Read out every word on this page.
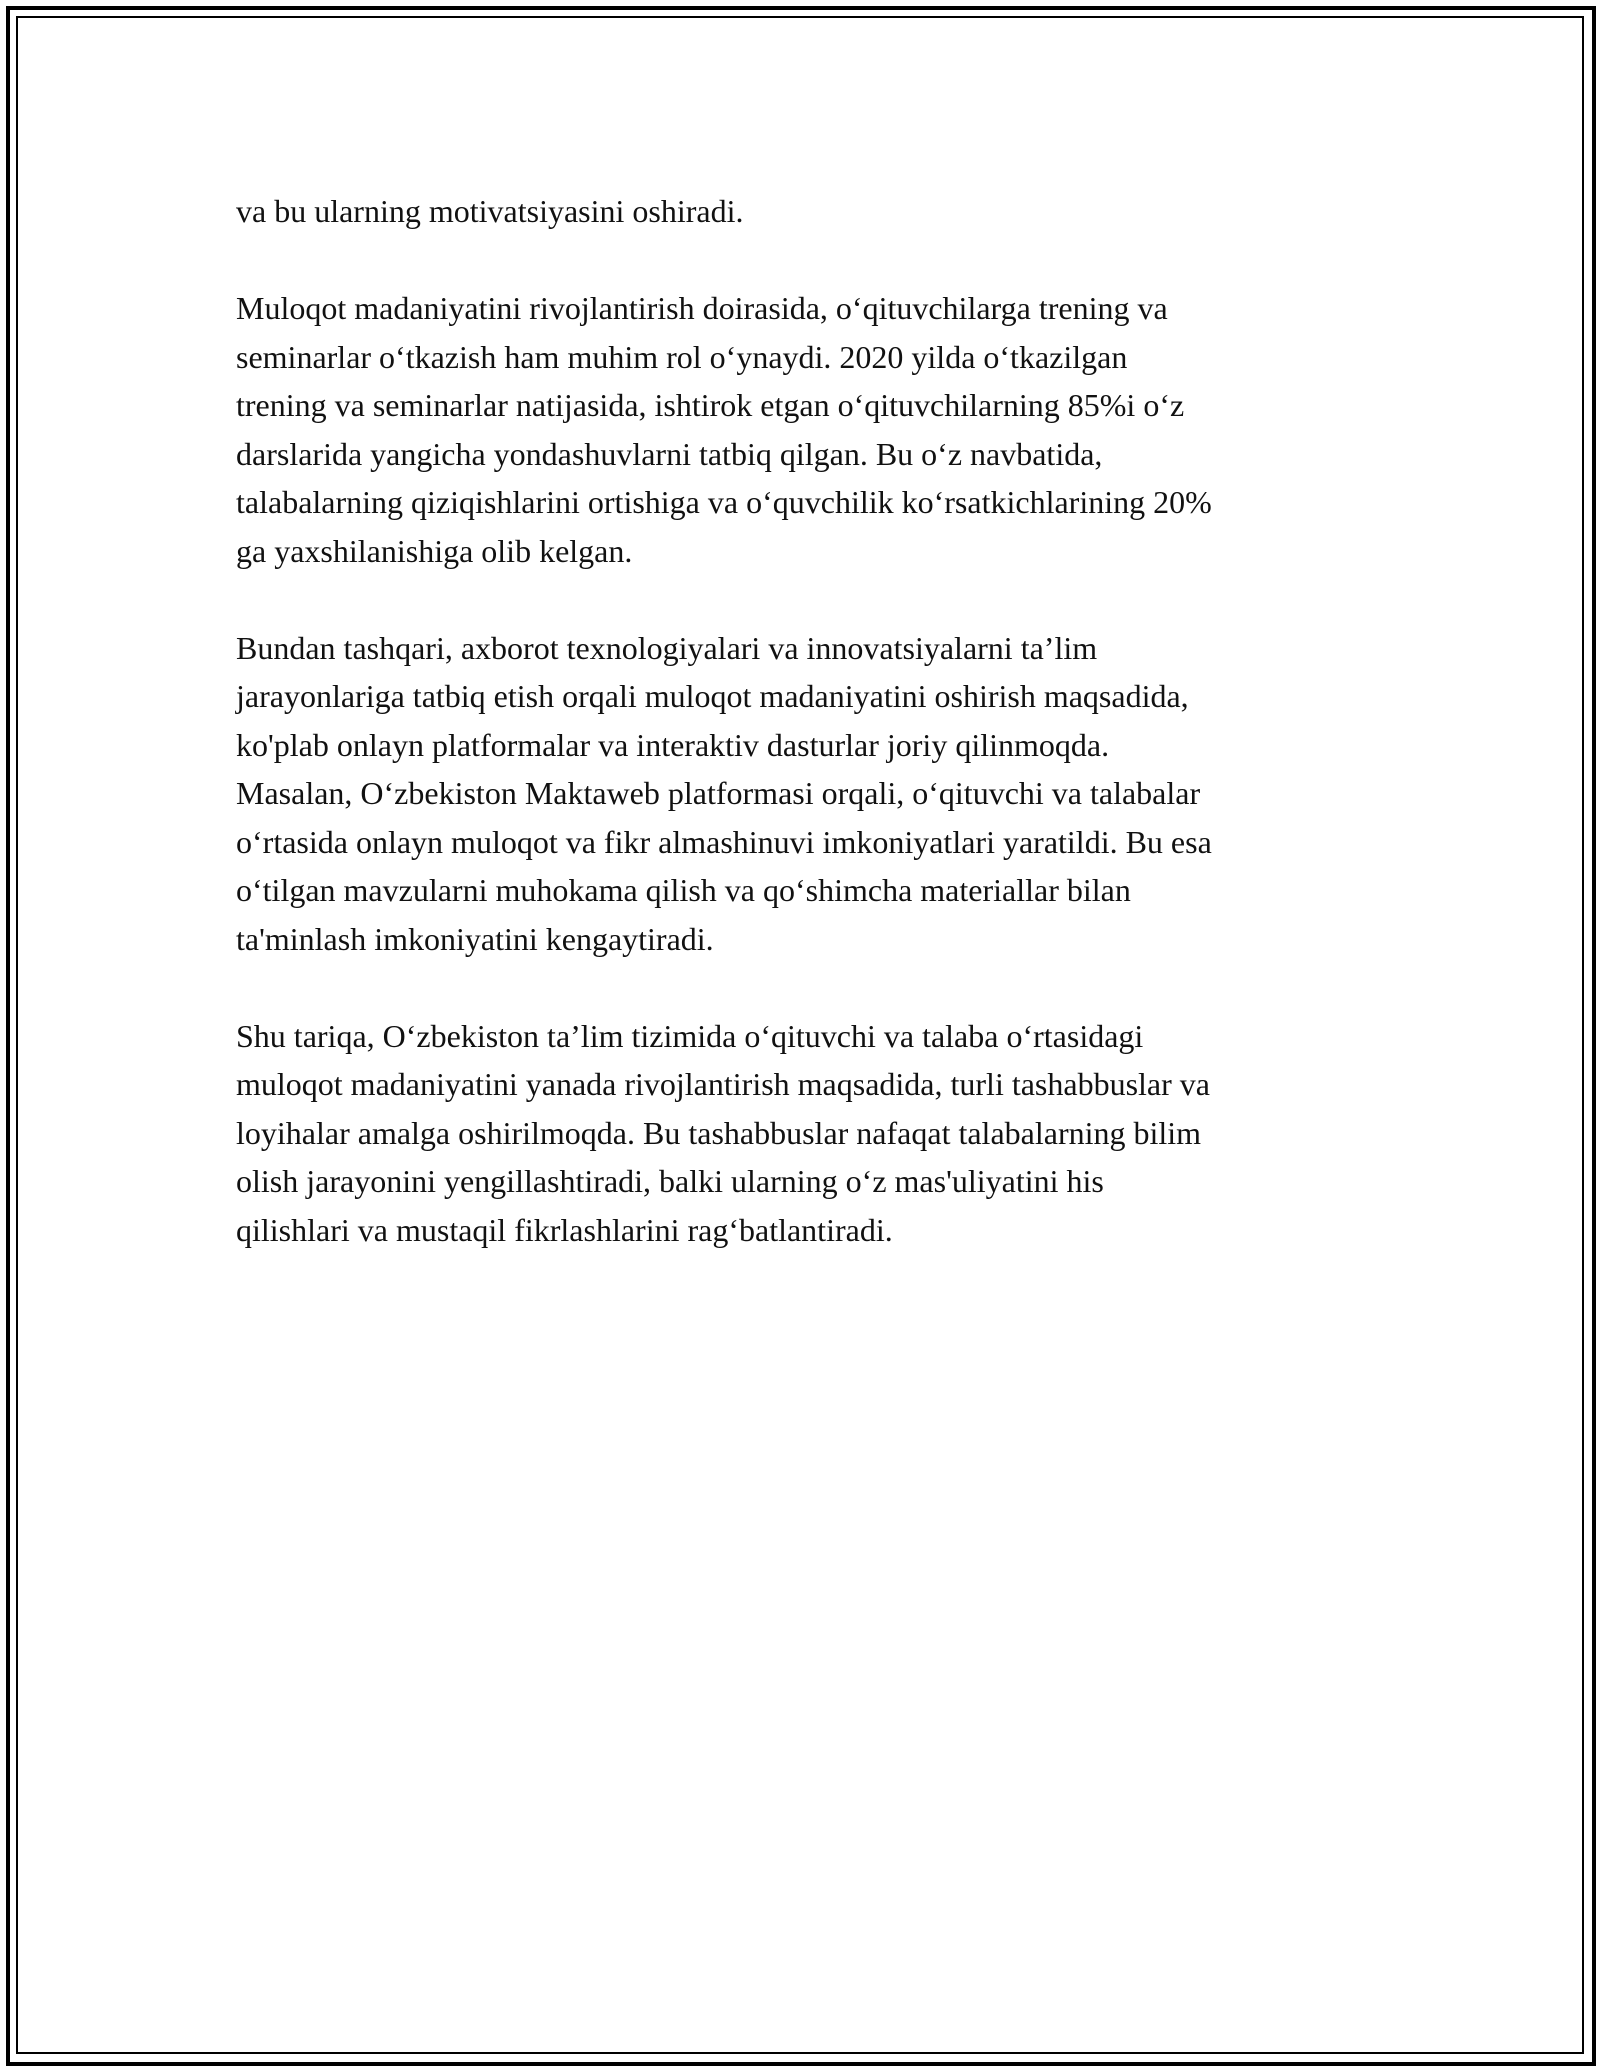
va bu ularning motivatsiyasini oshiradi.

Muloqot madaniyatini rivojlantirish doirasida, o‘qituvchilarga trening va
seminarlar o‘tkazish ham muhim rol o‘ynaydi. 2020 yilda o‘tkazilgan
trening va seminarlar natijasida, ishtirok etgan o‘qituvchilarning 85%i o‘z
darslarida yangicha yondashuvlarni tatbiq qilgan. Bu o‘z navbatida,
talabalarning qiziqishlarini ortishiga va o‘quvchilik ko‘rsatkichlarining 20%
ga yaxshilanishiga olib kelgan.

Bundan tashqari, axborot texnologiyalari va innovatsiyalarni ta’lim
jarayonlariga tatbiq etish orqali muloqot madaniyatini oshirish maqsadida,
ko'plab onlayn platformalar va interaktiv dasturlar joriy qilinmoqda.
Masalan, O‘zbekiston Maktaweb platformasi orqali, o‘qituvchi va talabalar
o‘rtasida onlayn muloqot va fikr almashinuvi imkoniyatlari yaratildi. Bu esa
o‘tilgan mavzularni muhokama qilish va qo‘shimcha materiallar bilan
ta'minlash imkoniyatini kengaytiradi.

Shu tariqa, O‘zbekiston ta’lim tizimida o‘qituvchi va talaba o‘rtasidagi
muloqot madaniyatini yanada rivojlantirish maqsadida, turli tashabbuslar va
loyihalar amalga oshirilmoqda. Bu tashabbuslar nafaqat talabalarning bilim
olish jarayonini yengillashtiradi, balki ularning o‘z mas'uliyatini his
qilishlari va mustaqil fikrlashlarini rag‘batlantiradi.
